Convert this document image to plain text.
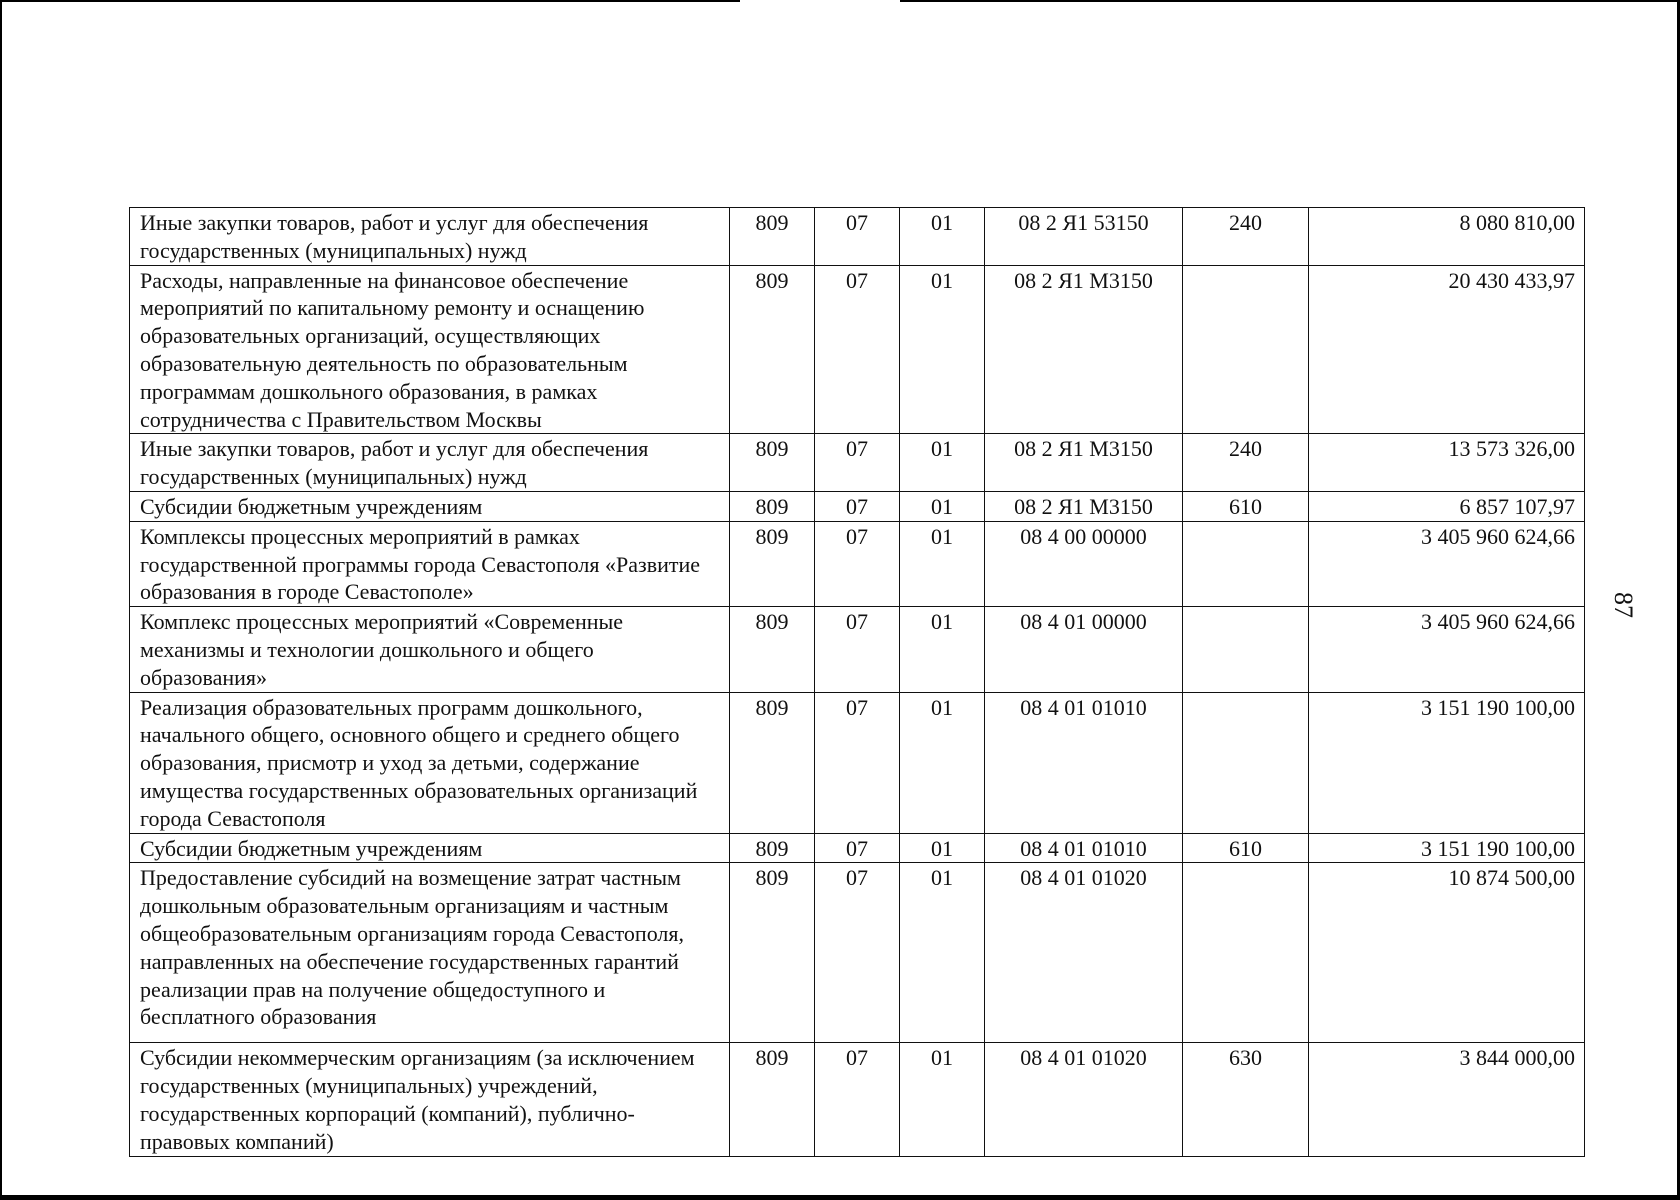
Иные закупки товаров, работ и услуг для обеспечения государственных (муниципальных) нужд	809	07	01	08 2 Я1 53150	240	8 080 810,00
Расходы, направленные на финансовое обеспечение мероприятий по капитальному ремонту и оснащению образовательных организаций, осуществляющих образовательную деятельность по образовательным программам дошкольного образования, в рамках сотрудничества с Правительством Москвы	809	07	01	08 2 Я1 М3150		20 430 433,97
Иные закупки товаров, работ и услуг для обеспечения государственных (муниципальных) нужд	809	07	01	08 2 Я1 М3150	240	13 573 326,00
Субсидии бюджетным учреждениям	809	07	01	08 2 Я1 М3150	610	6 857 107,97
Комплексы процессных мероприятий в рамках государственной программы города Севастополя «Развитие образования в городе Севастополе»	809	07	01	08 4 00 00000		3 405 960 624,66
Комплекс процессных мероприятий «Современные механизмы и технологии дошкольного и общего образования»	809	07	01	08 4 01 00000		3 405 960 624,66
Реализация образовательных программ дошкольного, начального общего, основного общего и среднего общего образования, присмотр и уход за детьми, содержание имущества государственных образовательных организаций города Севастополя	809	07	01	08 4 01 01010		3 151 190 100,00
Субсидии бюджетным учреждениям	809	07	01	08 4 01 01010	610	3 151 190 100,00
Предоставление субсидий на возмещение затрат частным дошкольным образовательным организациям и частным общеобразовательным организациям города Севастополя, направленных на обеспечение государственных гарантий реализации прав на получение общедоступного и бесплатного образования	809	07	01	08 4 01 01020		10 874 500,00
Субсидии некоммерческим организациям (за исключением государственных (муниципальных) учреждений, государственных корпораций (компаний), публично-правовых компаний)	809	07	01	08 4 01 01020	630	3 844 000,00
87
